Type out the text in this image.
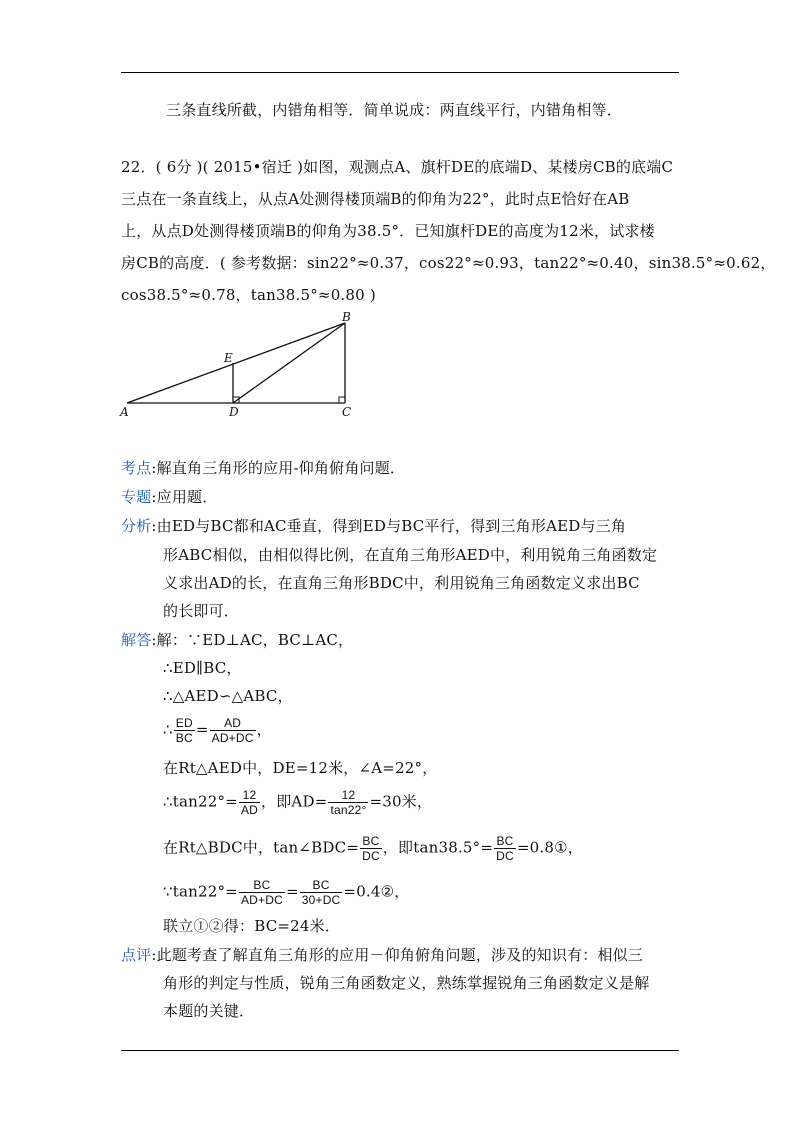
三条直线所截，内错角相等．简单说成：两直线平行，内错角相等．
22．( 6分 )( 2015•宿迁 )如图，观测点A、旗杆DE的底端D、某楼房CB的底端C
三点在一条直线上，从点A处测得楼顶端B的仰角为22°，此时点E恰好在AB
上，从点D处测得楼顶端B的仰角为38.5°．已知旗杆DE的高度为12米，试求楼
房CB的高度．( 参考数据：sin22°≈0.37，cos22°≈0.93，tan22°≈0.40，sin38.5°≈0.62，
cos38.5°≈0.78，tan38.5°≈0.80 )
A
B
C
D
E
考点:解直角三角形的应用-仰角俯角问题．
专题:应用题．
分析:由ED与BC都和AC垂直，得到ED与BC平行，得到三角形AED与三角
形ABC相似，由相似得比例，在直角三角形AED中，利用锐角三角函数定
义求出AD的长，在直角三角形BDC中，利用锐角三角函数定义求出BC
的长即可．
解答:解：∵ED⊥AC，BC⊥AC，
∴ED∥BC，
∴△AED∽△ABC，
∴ $\frac{ED}{BC} = \frac{AD}{AD+DC}$ ，
在Rt△AED中，DE=12米，∠A=22°，
∴tan22°= $\frac{12}{AD}$ ，即$AD= \frac{12}{\tan 22^\circ} =30$米，
在Rt△BDC中，tan∠BDC= $\frac{BC}{DC}$ ，即$\tan 38.5^\circ= \frac{BC}{DC}$ =0.8①，
∵tan22°= $\frac{BC}{AD+DC} = \frac{BC}{30+DC}$ =0.4②，
联立①②得：BC=24米．
点评:此题考查了解直角三角形的应用－仰角俯角问题，涉及的知识有：相似三
角形的判定与性质，锐角三角函数定义，熟练掌握锐角三角函数定义是解
本题的关键．
